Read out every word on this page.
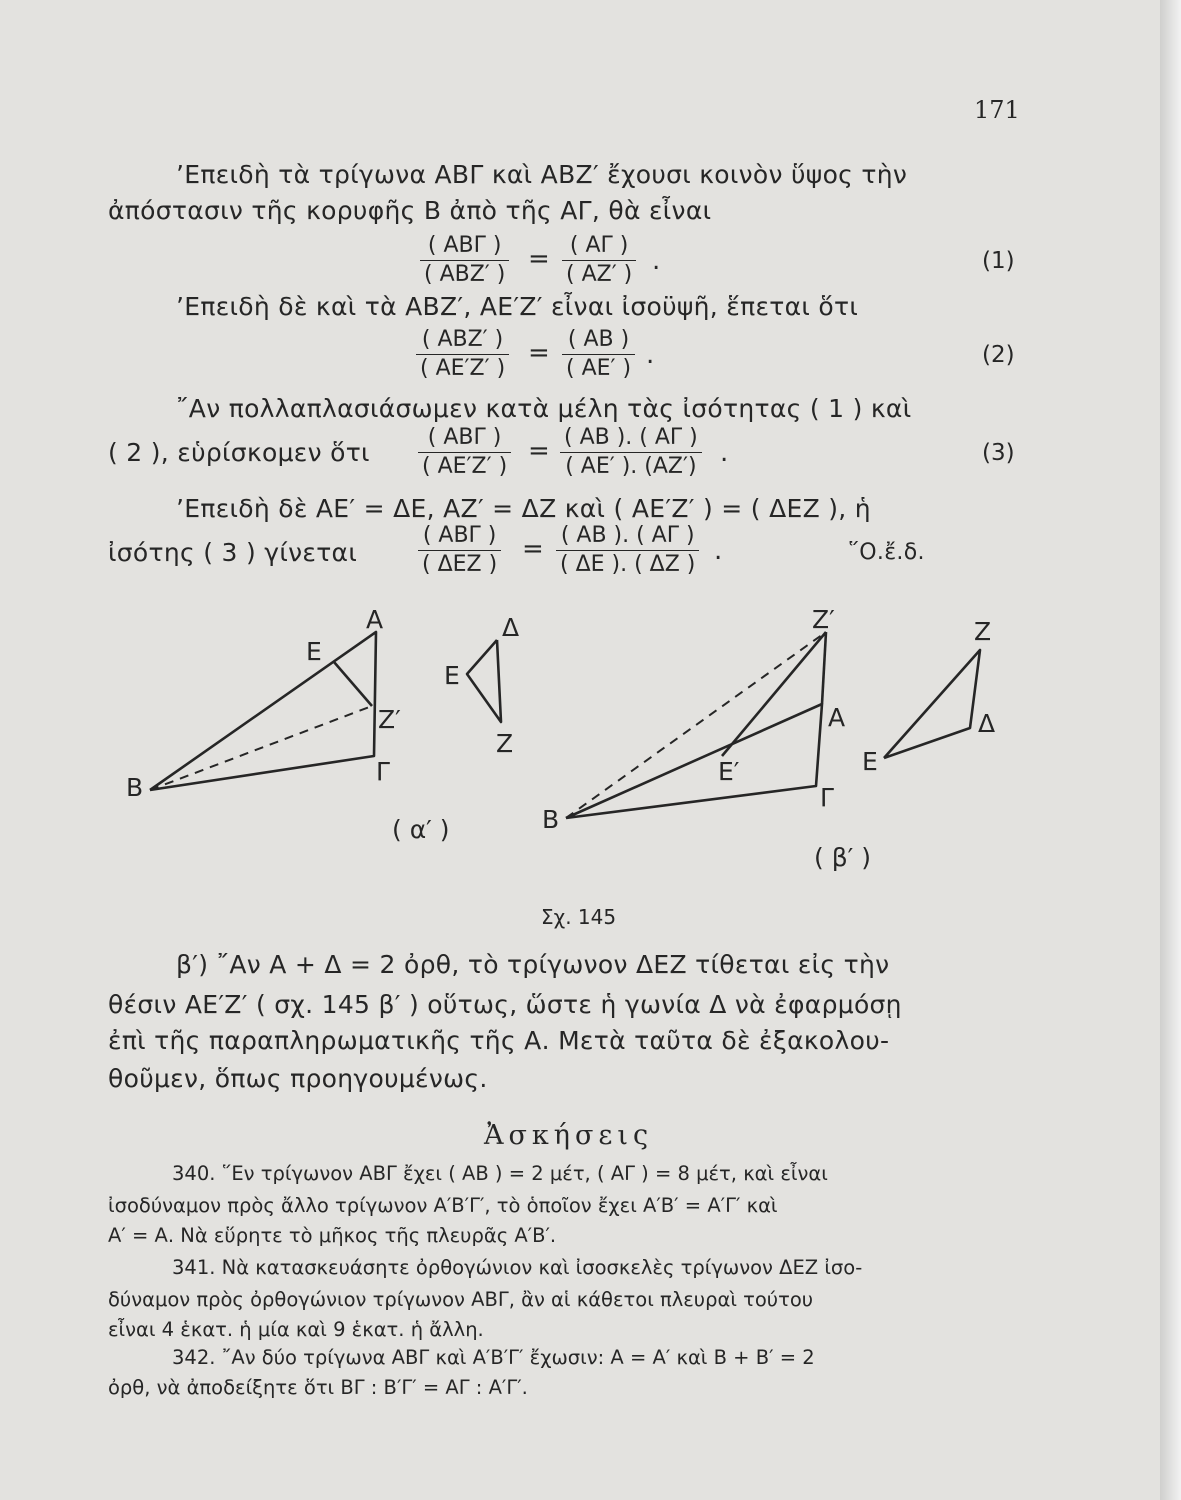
171
’Επειδὴ τὰ τρίγωνα ΑΒΓ καὶ ΑΒΖ′ ἔχουσι κοινὸν ὕψος τὴν
ἀπόστασιν τῆς κορυφῆς Β ἀπὸ τῆς ΑΓ, θὰ εἶναι
( ΑΒΓ )
( ΑΒΖ′ )
= $\frac{( A\Gamma )}{( AZ' )}$ .	(1)
’Επειδὴ δὲ καὶ τὰ ΑΒΖ′, ΑΕ′Ζ′ εἶναι ἰσοϋψῆ, ἕπεται ὅτι
( ΑΒΖ′ )
( ΑΕ′Ζ′ )
= $\frac{( AB )}{( AE' )}$ .	(2)
῎Αν πολλαπλασιάσωμεν κατὰ μέλη τὰς ἰσότητας ( 1 ) καὶ
( 2 ), εὑρίσκομεν ὅτι
( ΑΒΓ )
( ΑΕ′Ζ′ )
= $\frac{( AB ). ( A\Gamma )}{( AE' ). (AZ')}$ .	(3)
’Επειδὴ δὲ ΑΕ′ = ΔΕ, ΑΖ′ = ΔΖ καὶ ( ΑΕ′Ζ′ ) = ( ΔΕΖ ), ἡ
ἰσότης ( 3 ) γίνεται
( ΑΒΓ )
( ΔΕΖ )
= $\frac{( AB ). ( A\Gamma )}{( \Delta E ). ( \Delta Z )}$ .	῞Ο.ἔ.δ.
Α
Ε
Ζ′
Β
Γ
Δ
Ε
Ζ
Ζ′
Α
Ε′
Β
Γ
Ζ
Δ
Ε
( α′ )
( β′ )
Σχ. 145
β′) ῎Αν Α + Δ = 2 ὀρθ, τὸ τρίγωνον ΔΕΖ τίθεται εἰς τὴν
θέσιν ΑΕ′Ζ′ ( σχ. 145 β′ ) οὕτως, ὥστε ἡ γωνία Δ νὰ ἐφαρμόσῃ
ἐπὶ τῆς παραπληρωματικῆς τῆς Α. Μετὰ ταῦτα δὲ ἐξακολου-
θοῦμεν, ὅπως προηγουμένως.
Ἀσκήσεις
340. ῞Εν τρίγωνον ΑΒΓ ἔχει ( ΑΒ ) = 2 μέτ, ( ΑΓ ) = 8 μέτ, καὶ εἶναι
ἰσοδύναμον πρὸς ἄλλο τρίγωνον Α′Β′Γ′, τὸ ὁποῖον ἔχει Α′Β′ = Α′Γ′ καὶ
Α′ = Α. Νὰ εὕρητε τὸ μῆκος τῆς πλευρᾶς Α′Β′.
341. Νὰ κατασκευάσητε ὀρθογώνιον καὶ ἰσοσκελὲς τρίγωνον ΔΕΖ ἰσο-
δύναμον πρὸς ὀρθογώνιον τρίγωνον ΑΒΓ, ἂν αἱ κάθετοι πλευραὶ τούτου
εἶναι 4 ἑκατ. ἡ μία καὶ 9 ἑκατ. ἡ ἄλλη.
342. ῎Αν δύο τρίγωνα ΑΒΓ καὶ Α′Β′Γ′ ἔχωσιν: Α = Α′ καὶ Β + Β′ = 2
ὀρθ, νὰ ἀποδείξητε ὅτι ΒΓ : Β′Γ′ = ΑΓ : Α′Γ′.
